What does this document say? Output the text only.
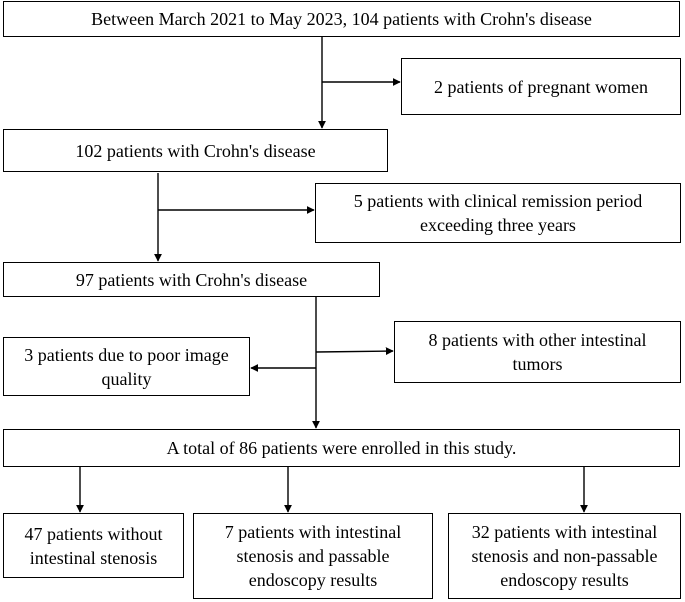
Between March 2021 to May 2023, 104 patients with Crohn's disease
2 patients of pregnant women
102 patients with Crohn's disease
5 patients with clinical remission period exceeding three years
97 patients with Crohn's disease
8 patients with other intestinal tumors
3 patients due to poor image quality
A total of 86 patients were enrolled in this study.
47 patients without intestinal stenosis
7 patients with intestinal stenosis and passable endoscopy results
32 patients with intestinal stenosis and non-passable endoscopy results
